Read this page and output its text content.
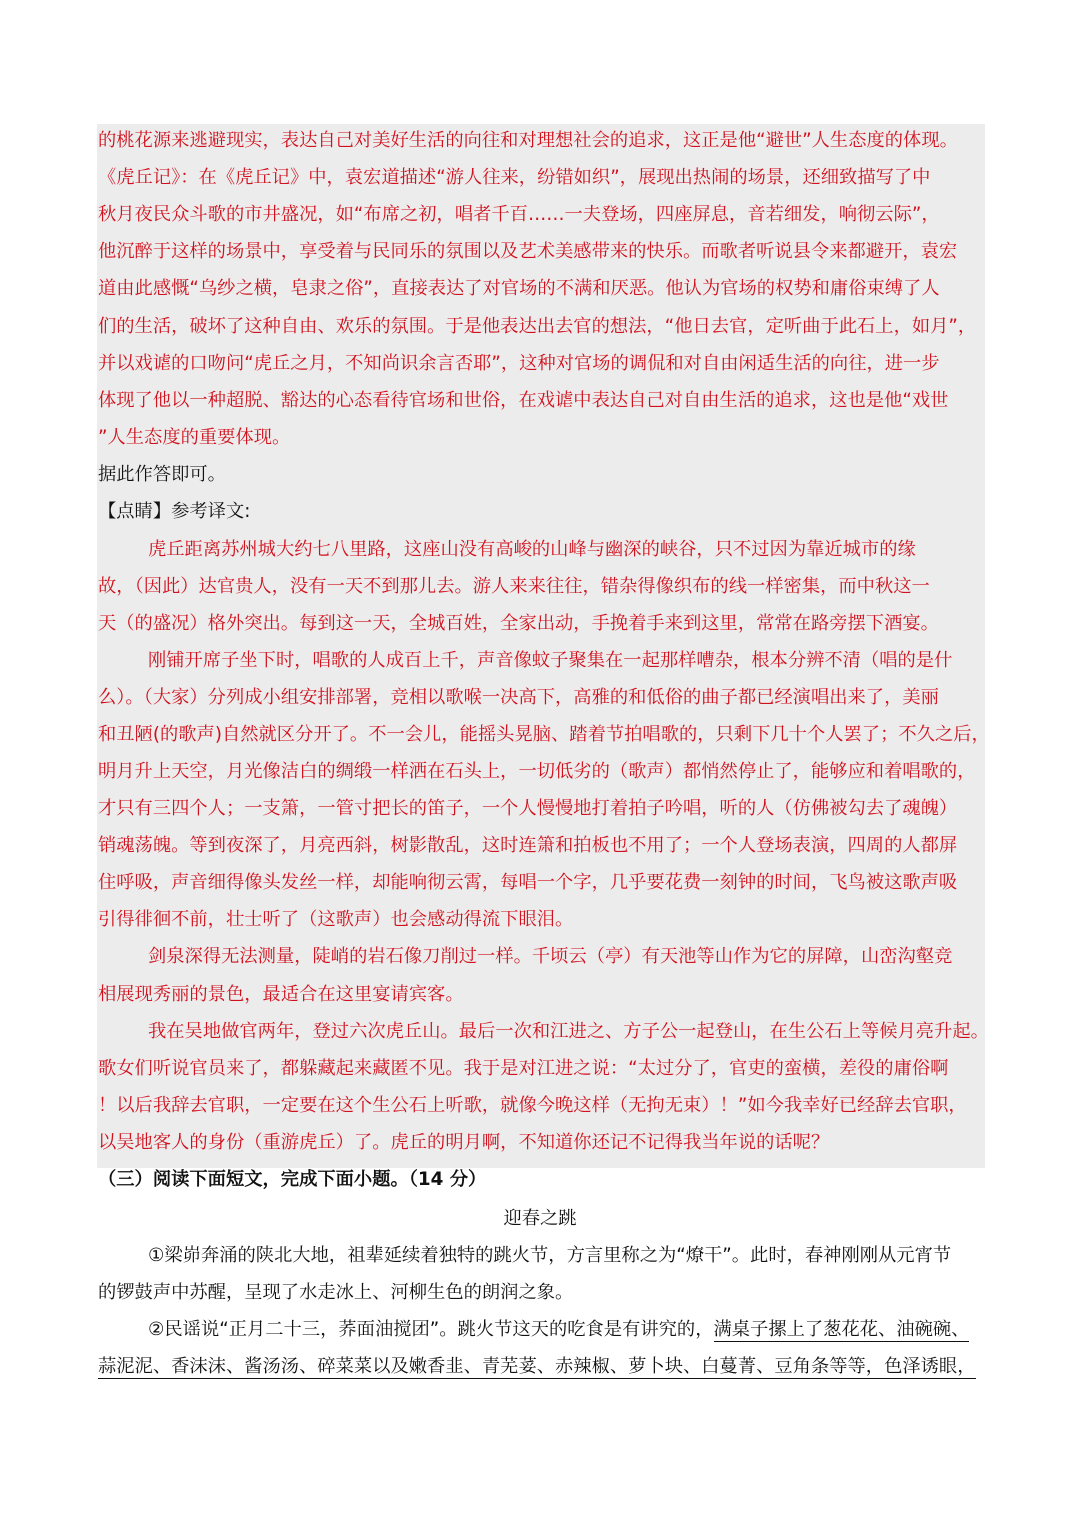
的桃花源来逃避现实，表达自己对美好生活的向往和对理想社会的追求，这正是他“避世”人生态度的体现。
《虎丘记》：在《虎丘记》中，袁宏道描述“游人往来，纷错如织”，展现出热闹的场景，还细致描写了中
秋月夜民众斗歌的市井盛况，如“布席之初，唱者千百……一夫登场，四座屏息，音若细发，响彻云际”，
他沉醉于这样的场景中，享受着与民同乐的氛围以及艺术美感带来的快乐。而歌者听说县令来都避开，袁宏
道由此感慨“乌纱之横，皂隶之俗”，直接表达了对官场的不满和厌恶。他认为官场的权势和庸俗束缚了人
们的生活，破坏了这种自由、欢乐的氛围。于是他表达出去官的想法，“他日去官，定听曲于此石上，如月”，
并以戏谑的口吻问“虎丘之月，不知尚识余言否耶”，这种对官场的调侃和对自由闲适生活的向往，进一步
体现了他以一种超脱、豁达的心态看待官场和世俗，在戏谑中表达自己对自由生活的追求，这也是他“戏世
”人生态度的重要体现。
据此作答即可。
【点睛】参考译文:
虎丘距离苏州城大约七八里路，这座山没有高峻的山峰与幽深的峡谷，只不过因为靠近城市的缘
故，（因此）达官贵人，没有一天不到那儿去。游人来来往往，错杂得像织布的线一样密集，而中秋这一
天（的盛况）格外突出。每到这一天，全城百姓，全家出动，手挽着手来到这里，常常在路旁摆下酒宴。
刚铺开席子坐下时，唱歌的人成百上千，声音像蚊子聚集在一起那样嘈杂，根本分辨不清（唱的是什
么）。（大家）分列成小组安排部署，竞相以歌喉一决高下，高雅的和低俗的曲子都已经演唱出来了，美丽
和丑陋(的歌声)自然就区分开了。不一会儿，能摇头晃脑、踏着节拍唱歌的，只剩下几十个人罢了；不久之后，
明月升上天空，月光像洁白的绸缎一样洒在石头上，一切低劣的（歌声）都悄然停止了，能够应和着唱歌的，
才只有三四个人；一支箫，一管寸把长的笛子，一个人慢慢地打着拍子吟唱，听的人（仿佛被勾去了魂魄）
销魂荡魄。等到夜深了，月亮西斜，树影散乱，这时连箫和拍板也不用了；一个人登场表演，四周的人都屏
住呼吸，声音细得像头发丝一样，却能响彻云霄，每唱一个字，几乎要花费一刻钟的时间，飞鸟被这歌声吸
引得徘徊不前，壮士听了（这歌声）也会感动得流下眼泪。
剑泉深得无法测量，陡峭的岩石像刀削过一样。千顷云（亭）有天池等山作为它的屏障，山峦沟壑竞
相展现秀丽的景色，最适合在这里宴请宾客。
我在吴地做官两年，登过六次虎丘山。最后一次和江进之、方子公一起登山，在生公石上等候月亮升起。
歌女们听说官员来了，都躲藏起来藏匿不见。我于是对江进之说：“太过分了，官吏的蛮横，差役的庸俗啊
！以后我辞去官职，一定要在这个生公石上听歌，就像今晚这样（无拘无束）！”如今我幸好已经辞去官职，
以吴地客人的身份（重游虎丘）了。虎丘的明月啊，不知道你还记不记得我当年说的话呢？
（三）阅读下面短文，完成下面小题。（14 分）
迎春之跳
①梁峁奔涌的陕北大地，祖辈延续着独特的跳火节，方言里称之为“燎干”。此时，春神刚刚从元宵节
的锣鼓声中苏醒，呈现了水走冰上、河柳生色的朗润之象。
②民谣说“正月二十三，荞面油搅团”。跳火节这天的吃食是有讲究的，满桌子摞上了葱花花、油碗碗、
蒜泥泥、香沫沫、酱汤汤、碎菜菜以及嫩香韭、青芜荽、赤辣椒、萝卜块、白蔓菁、豆角条等等，色泽诱眼，
